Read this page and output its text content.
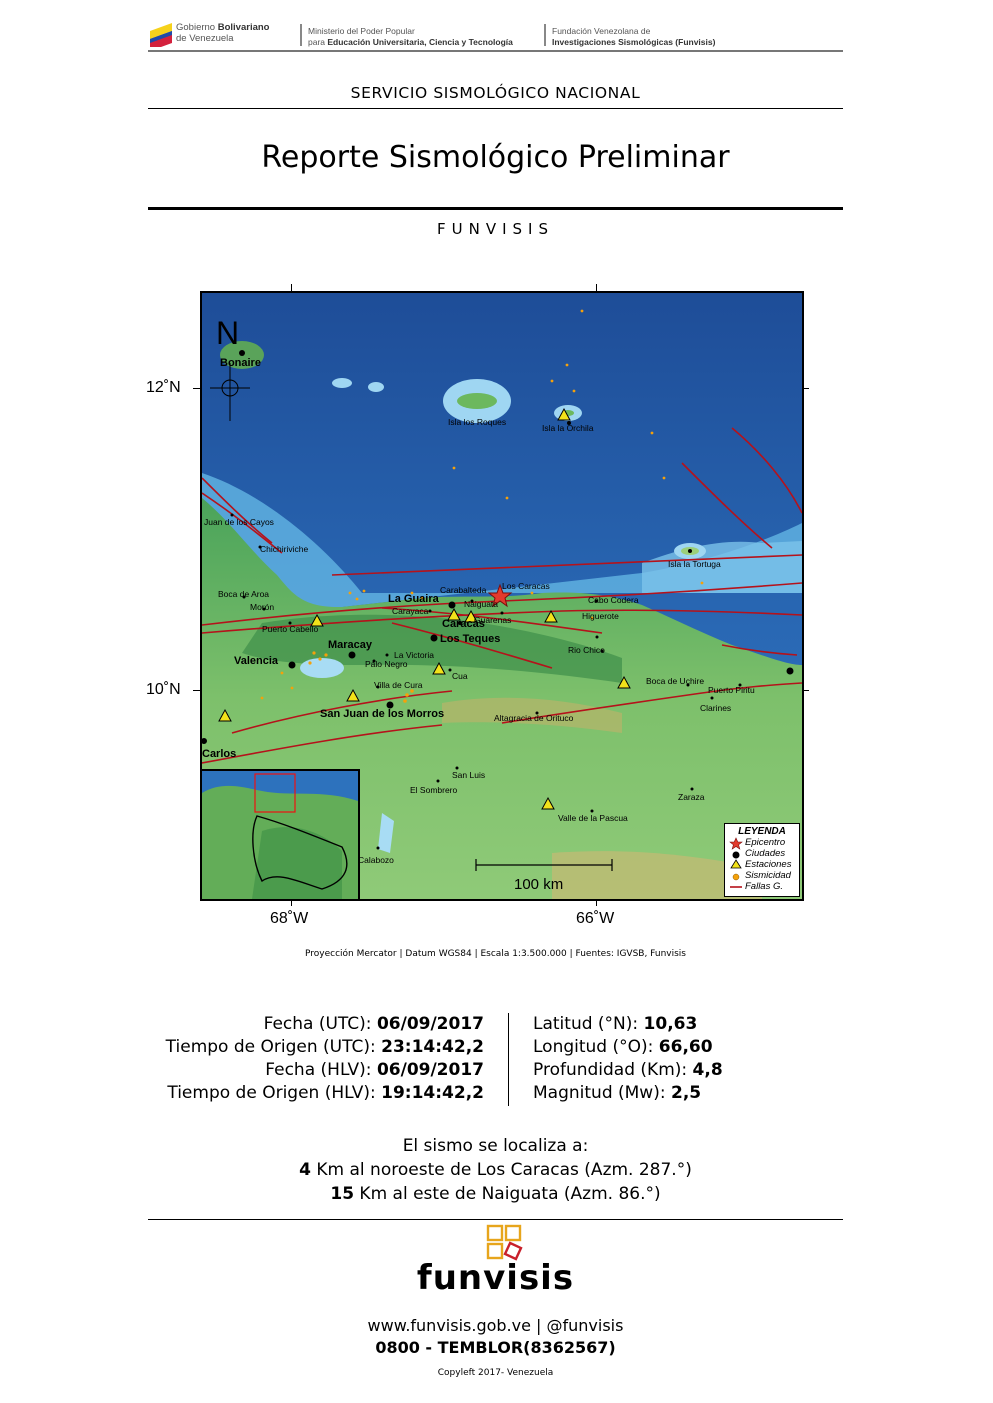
Gobierno Bolivariano
de Venezuela
Ministerio del Poder Popular
para Educación Universitaria, Ciencia y Tecnología
Fundación Venezolana de
Investigaciones Sismológicas (Funvisis)
SERVICIO SISMOLÓGICO NACIONAL
Reporte Sismológico Preliminar
FUNVISIS
N
100 km
Bonaire
Isla los Roques
Isla la Orchila
Isla la Tortuga
Juan de los Cayos
Chichiriviche
Boca de Aroa
Morón
Puerto Cabello
Valencia
Maracay
Palo Negro
La Victoria
Villa de Cura
Cua
San Juan de los Morros
La Guaira
Caracas
Los Teques
Carayaca
Carabalteda
Naiguata
Los Caracas
Guarenas
Cabo Codera
Higuerote
Rio Chico
Boca de Uchire
Puerto Piritu
Clarines
Altagracia de Orituco
San Luis
El Sombrero
Valle de la Pascua
Zaraza
Calabozo
Carlos
LEYENDA
Epicentro
Ciudades
Estaciones
Sismicidad
Fallas G.
12˚N
10˚N
68˚W	66˚W
Proyección Mercator | Datum WGS84 | Escala 1:3.500.000 | Fuentes: IGVSB, Funvisis
Fecha (UTC): 06/09/2017
Tiempo de Origen (UTC): 23:14:42,2
Fecha (HLV): 06/09/2017
Tiempo de Origen (HLV): 19:14:42,2
Latitud (°N): 10,63
Longitud (°O): 66,60
Profundidad (Km): 4,8
Magnitud (Mw): 2,5
El sismo se localiza a:
4 Km al noroeste de Los Caracas (Azm. 287.°)
15 Km al este de Naiguata (Azm. 86.°)
funvisis
www.funvisis.gob.ve | @funvisis
0800 - TEMBLOR(8362567)
Copyleft 2017- Venezuela
